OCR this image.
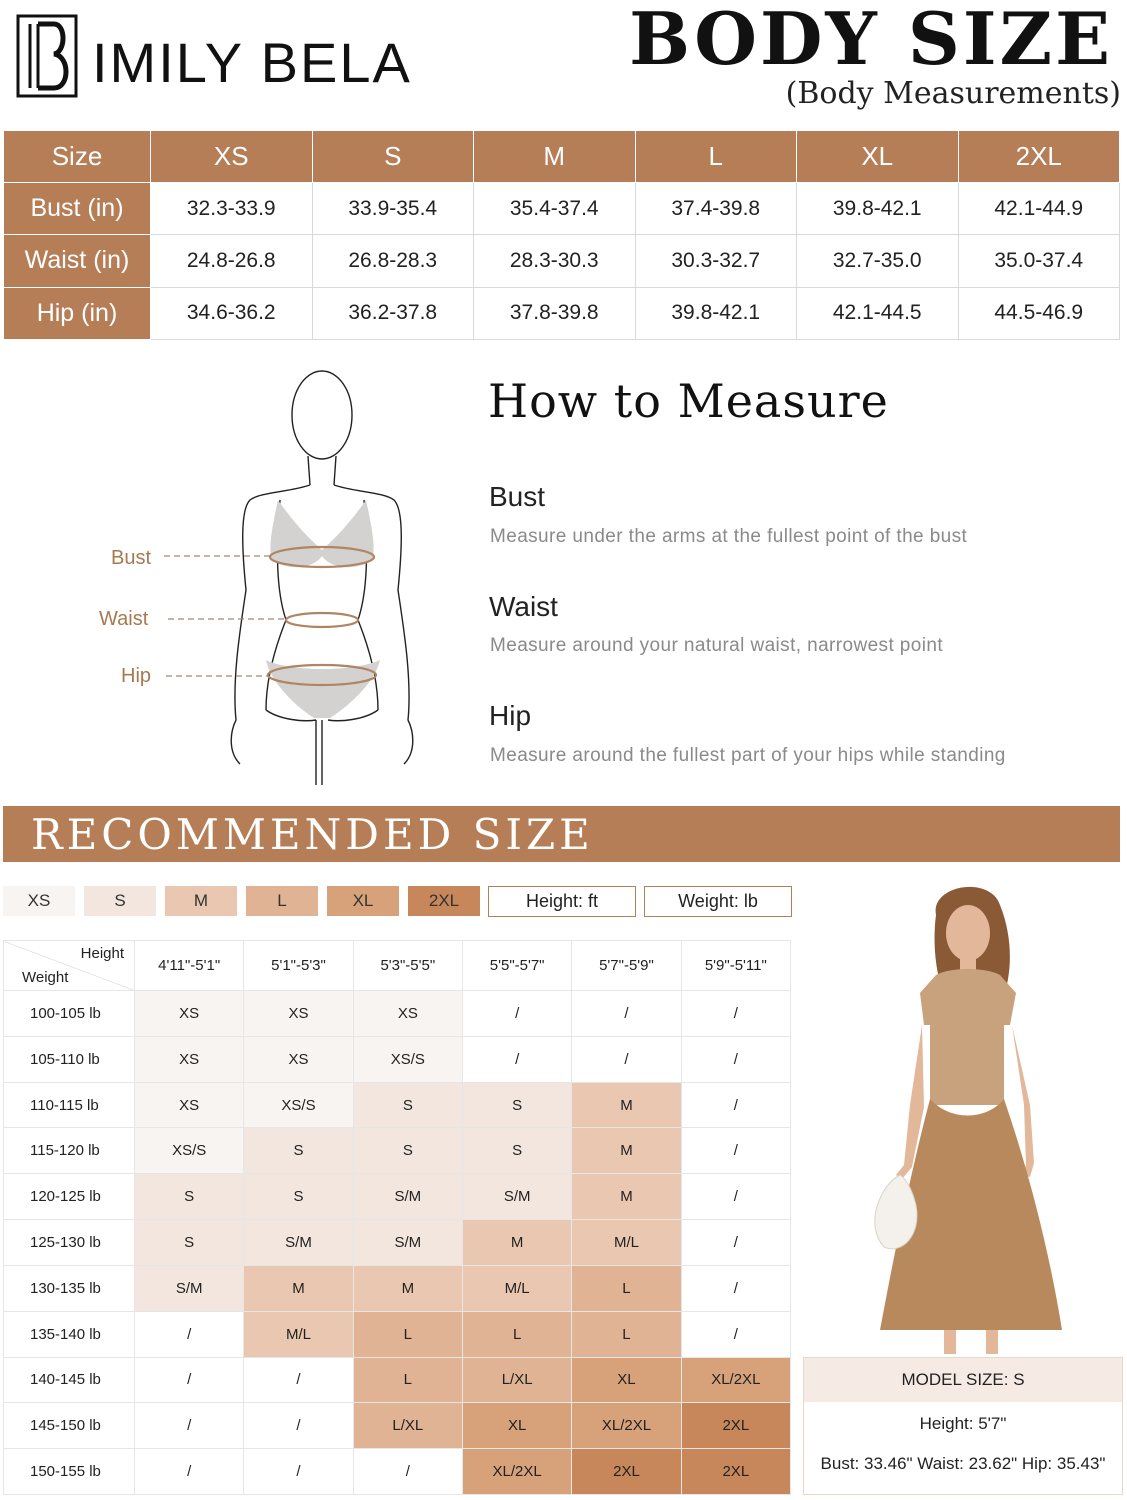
IMILY BELA	BODY SIZE
(Body Measurements)
Size	XS	S	M	L	XL	2XL
Bust (in)	32.3-33.9	33.9-35.4	35.4-37.4	37.4-39.8	39.8-42.1	42.1-44.9
Waist (in)	24.8-26.8	26.8-28.3	28.3-30.3	30.3-32.7	32.7-35.0	35.0-37.4
Hip (in)	34.6-36.2	36.2-37.8	37.8-39.8	39.8-42.1	42.1-44.5	44.5-46.9
Bust
Waist
Hip
How to Measure
Bust
Measure under the arms at the fullest point of the bust
Waist
Measure around your natural waist, narrowest point
Hip
Measure around the fullest part of your hips while standing
RECOMMENDED SIZE
XS	S	M	L	XL	2XL	Height: ft	Weight: lb
Height
Weight	4'11"-5'1"	5'1"-5'3"	5'3"-5'5"	5'5"-5'7"	5'7"-5'9"	5'9"-5'11"
100-105 lb	XS	XS	XS	/	/	/
105-110 lb	XS	XS	XS/S	/	/	/
110-115 lb	XS	XS/S	S	S	M	/
115-120 lb	XS/S	S	S	S	M	/
120-125 lb	S	S	S/M	S/M	M	/
125-130 lb	S	S/M	S/M	M	M/L	/
130-135 lb	S/M	M	M	M/L	L	/
135-140 lb	/	M/L	L	L	L	/
140-145 lb	/	/	L	L/XL	XL	XL/2XL
145-150 lb	/	/	L/XL	XL	XL/2XL	2XL
150-155 lb	/	/	/	XL/2XL	2XL	2XL
MODEL SIZE: S
Height: 5'7"
Bust: 33.46" Waist: 23.62" Hip: 35.43"
